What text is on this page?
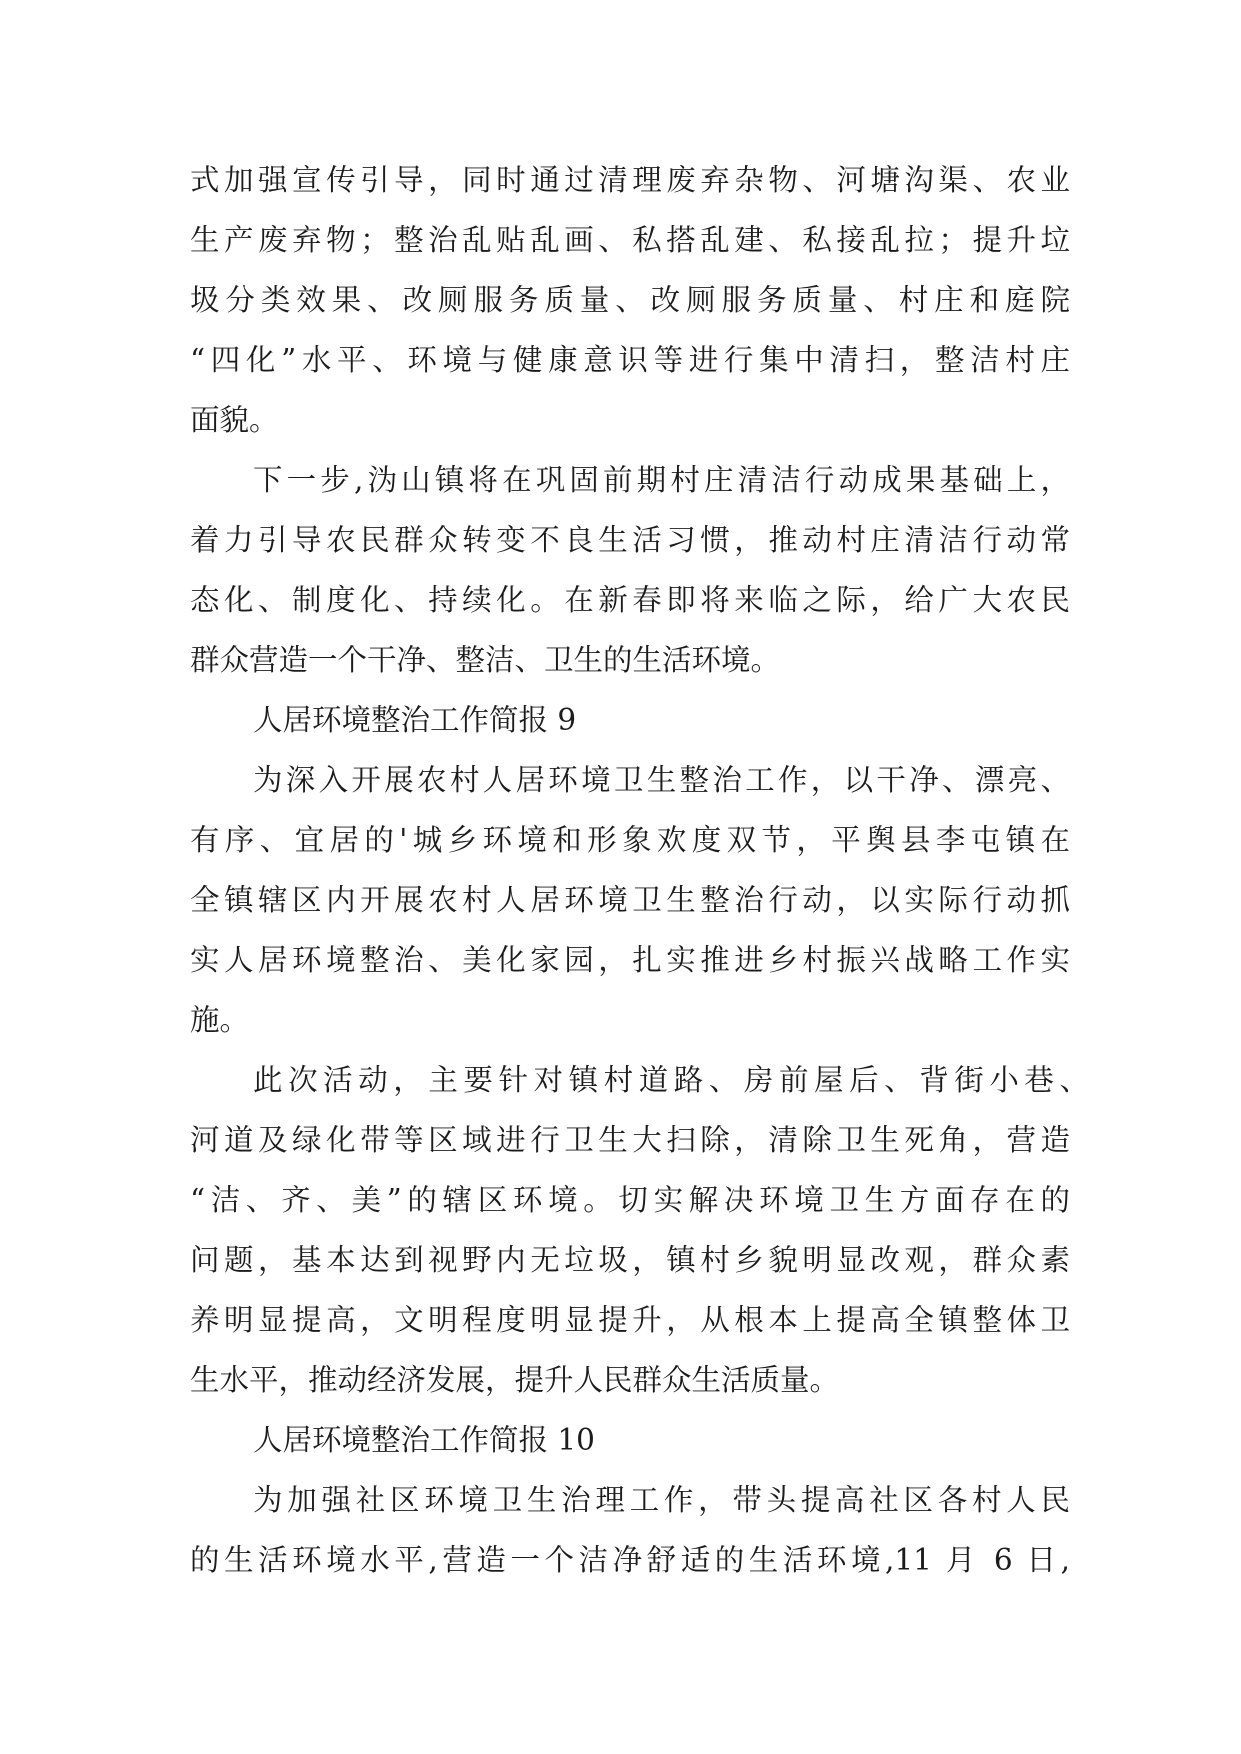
式加强宣传引导，同时通过清理废弃杂物、河塘沟渠、农业
生产废弃物；整治乱贴乱画、私搭乱建、私接乱拉；提升垃
圾分类效果、改厕服务质量、改厕服务质量、村庄和庭院
“四化”水平、环境与健康意识等进行集中清扫，整洁村庄
面貌。
下一步,沩山镇将在巩固前期村庄清洁行动成果基础上，
着力引导农民群众转变不良生活习惯，推动村庄清洁行动常
态化、制度化、持续化。在新春即将来临之际，给广大农民
群众营造一个干净、整洁、卫生的生活环境。
人居环境整治工作简报 9
为深入开展农村人居环境卫生整治工作，以干净、漂亮、
有序、宜居的'城乡环境和形象欢度双节，平舆县李屯镇在
全镇辖区内开展农村人居环境卫生整治行动，以实际行动抓
实人居环境整治、美化家园，扎实推进乡村振兴战略工作实
施。
此次活动，主要针对镇村道路、房前屋后、背街小巷、
河道及绿化带等区域进行卫生大扫除，清除卫生死角，营造
“洁、齐、美”的辖区环境。切实解决环境卫生方面存在的
问题，基本达到视野内无垃圾，镇村乡貌明显改观，群众素
养明显提高，文明程度明显提升，从根本上提高全镇整体卫
生水平，推动经济发展，提升人民群众生活质量。
人居环境整治工作简报 10
为加强社区环境卫生治理工作，带头提高社区各村人民
的生活环境水平,营造一个洁净舒适的生活环境,11 月 6 日,
